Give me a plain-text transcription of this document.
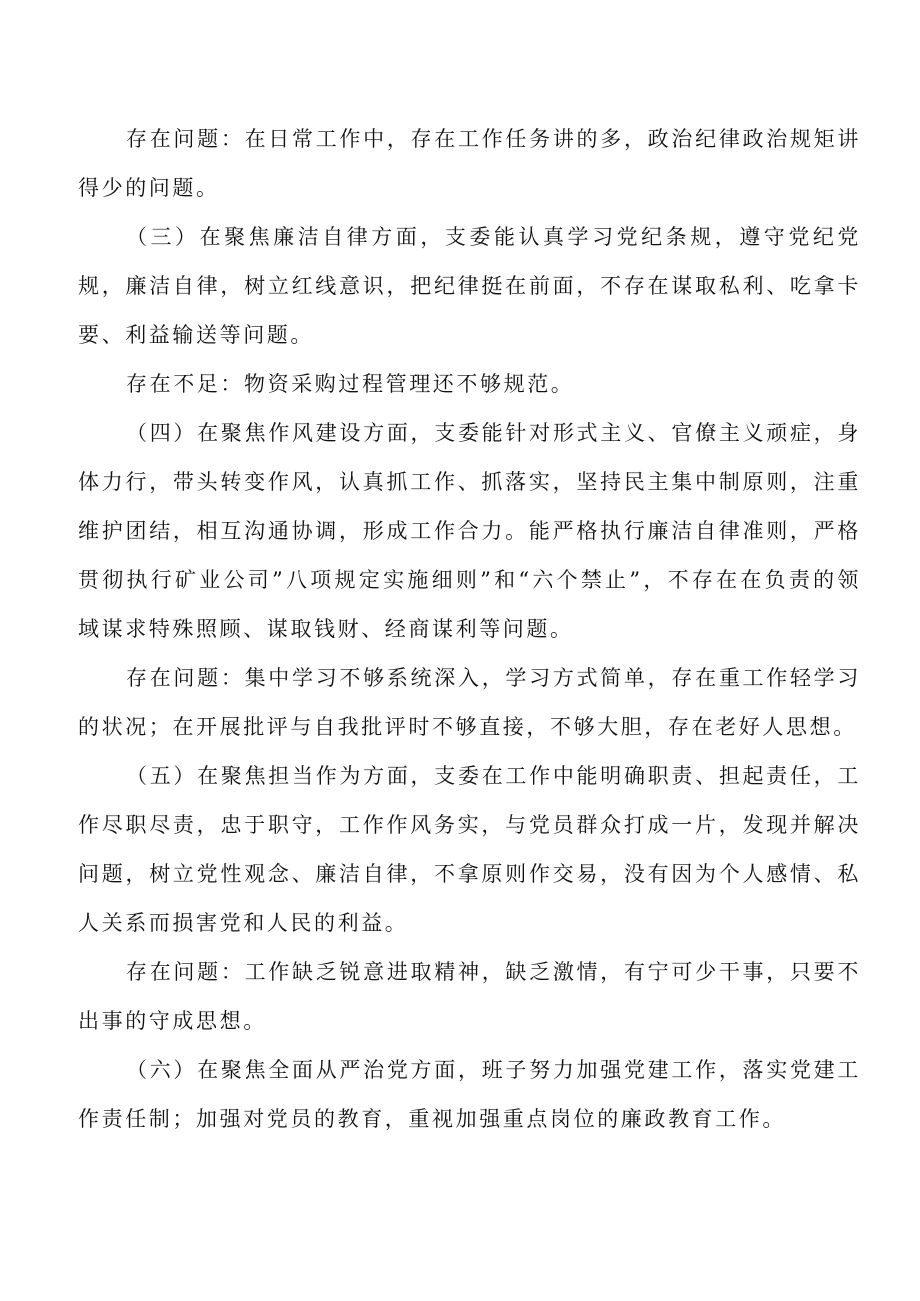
存在问题：在日常工作中，存在工作任务讲的多，政治纪律政治规矩讲得少的问题。

（三）在聚焦廉洁自律方面，支委能认真学习党纪条规，遵守党纪党规，廉洁自律，树立红线意识，把纪律挺在前面，不存在谋取私利、吃拿卡要、利益输送等问题。

存在不足：物资采购过程管理还不够规范。

（四）在聚焦作风建设方面，支委能针对形式主义、官僚主义顽症，身体力行，带头转变作风，认真抓工作、抓落实，坚持民主集中制原则，注重维护团结，相互沟通协调，形成工作合力。能严格执行廉洁自律准则，严格贯彻执行矿业公司”八项规定实施细则”和“六个禁止”，不存在在负责的领域谋求特殊照顾、谋取钱财、经商谋利等问题。

存在问题：集中学习不够系统深入，学习方式简单，存在重工作轻学习的状况；在开展批评与自我批评时不够直接，不够大胆，存在老好人思想。

（五）在聚焦担当作为方面，支委在工作中能明确职责、担起责任，工作尽职尽责，忠于职守，工作作风务实，与党员群众打成一片，发现并解决问题，树立党性观念、廉洁自律，不拿原则作交易，没有因为个人感情、私人关系而损害党和人民的利益。

存在问题：工作缺乏锐意进取精神，缺乏激情，有宁可少干事，只要不出事的守成思想。

（六）在聚焦全面从严治党方面，班子努力加强党建工作，落实党建工作责任制；加强对党员的教育，重视加强重点岗位的廉政教育工作。
